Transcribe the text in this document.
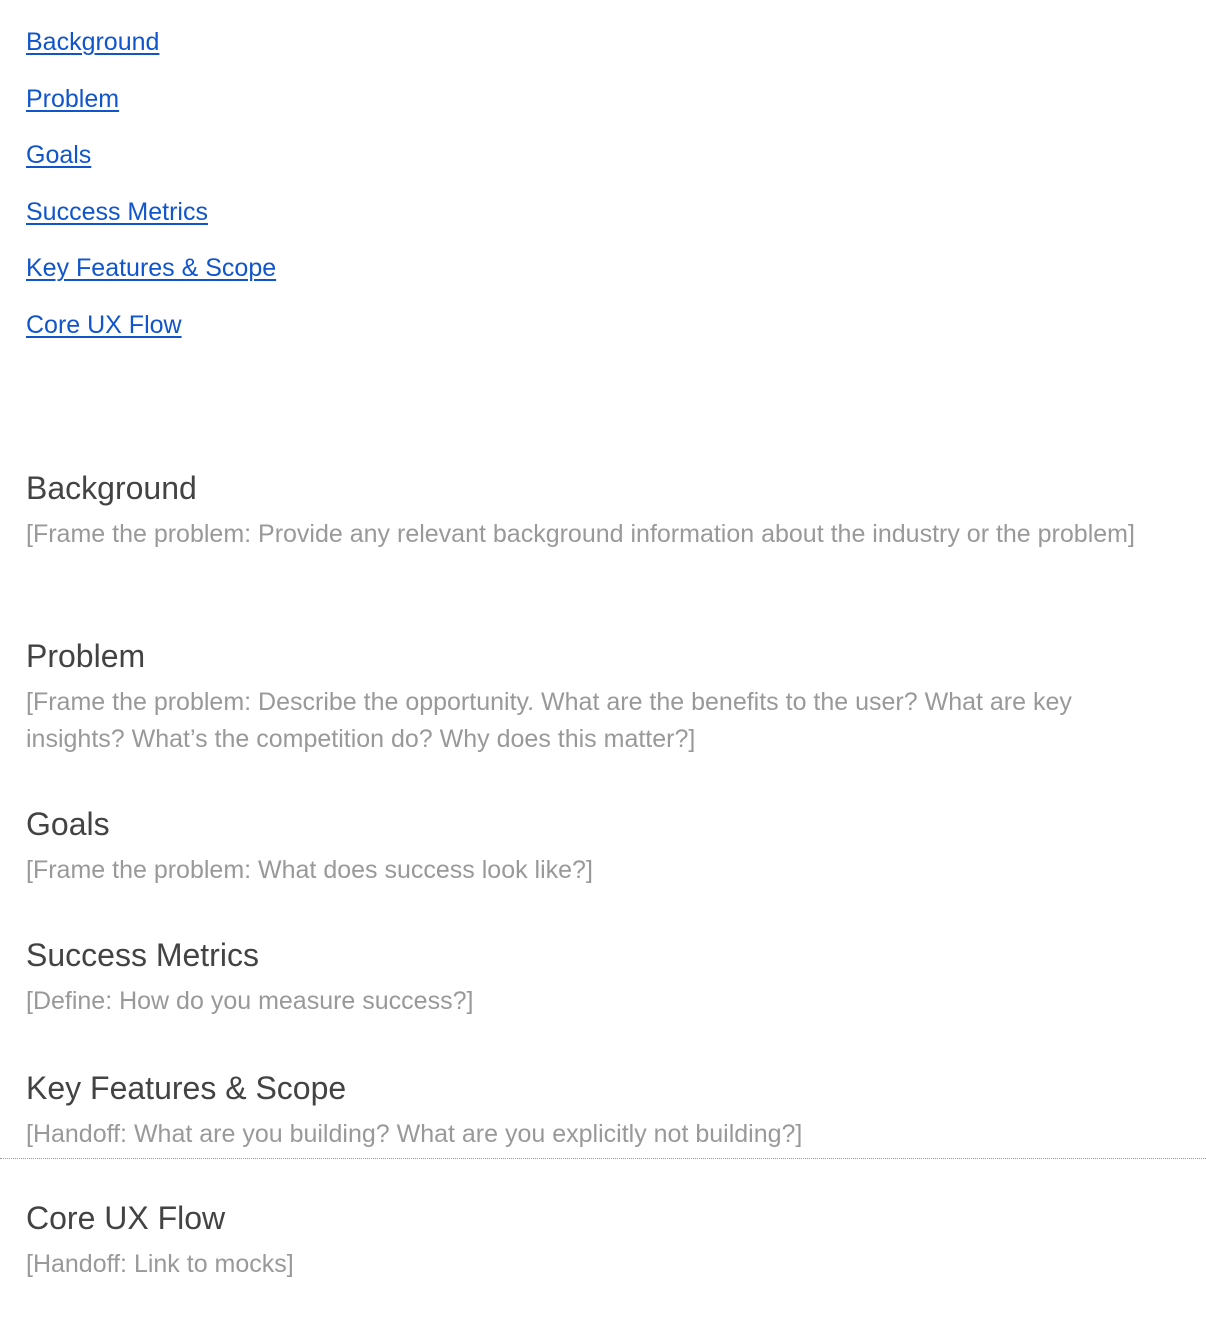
Background
Problem
Goals
Success Metrics
Key Features & Scope
Core UX Flow
Background

[Frame the problem: Provide any relevant background information about the industry or the problem]

Problem

[Frame the problem: Describe the opportunity. What are the benefits to the user? What are key insights? What’s the competition do? Why does this matter?]

Goals

[Frame the problem: What does success look like?]

Success Metrics

[Define: How do you measure success?]

Key Features & Scope

[Handoff: What are you building? What are you explicitly not building?]

Core UX Flow

[Handoff: Link to mocks]
